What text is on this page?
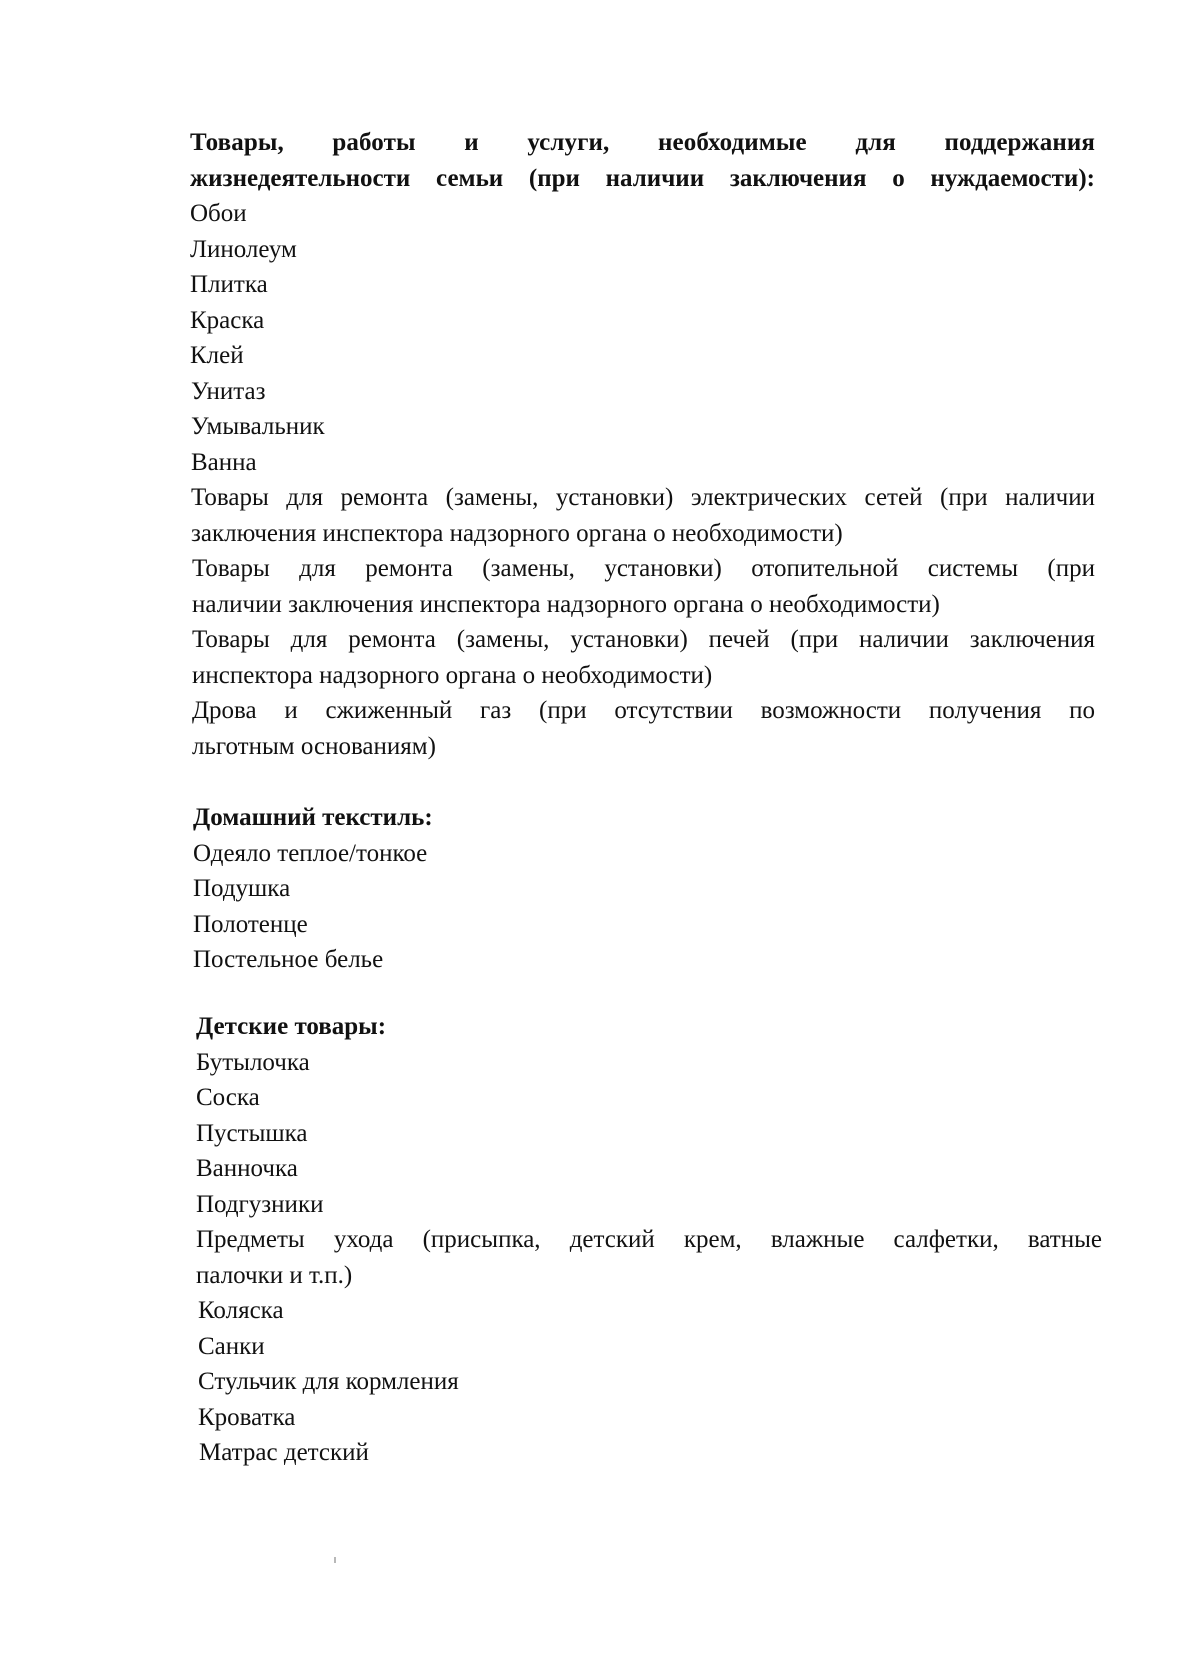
Товары, работы и услуги, необходимые для поддержания

жизнедеятельности семьи (при наличии заключения о нуждаемости):

Обои

Линолеум

Плитка

Краска

Клей

Унитаз

Умывальник

Ванна

Товары для ремонта (замены, установки) электрических сетей (при наличии

заключения инспектора надзорного органа о необходимости)

Товары для ремонта (замены, установки) отопительной системы (при

наличии заключения инспектора надзорного органа о необходимости)

Товары для ремонта (замены, установки) печей (при наличии заключения

инспектора надзорного органа о необходимости)

Дрова и сжиженный газ (при отсутствии возможности получения по

льготным основаниям)

Домашний текстиль:

Одеяло теплое/тонкое

Подушка

Полотенце

Постельное белье

Детские товары:

Бутылочка

Соска

Пустышка

Ванночка

Подгузники

Предметы ухода (присыпка, детский крем, влажные салфетки, ватные

палочки и т.п.)

Коляска

Санки

Стульчик для кормления

Кроватка

Матрас детский
